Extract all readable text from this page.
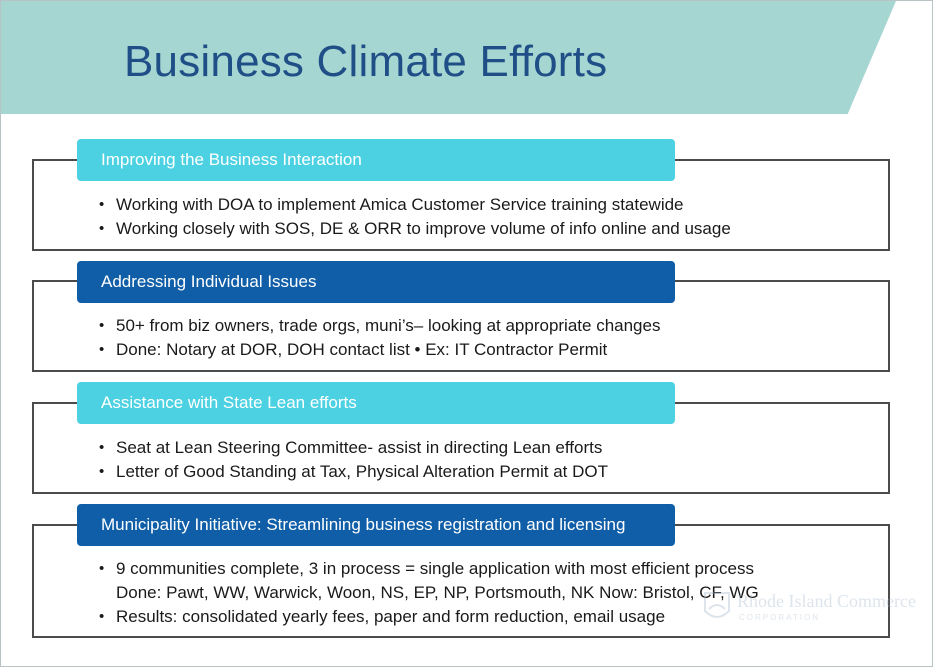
Business Climate Efforts
Improving the Business Interaction
• Working with DOA to implement Amica Customer Service training statewide
• Working closely with SOS, DE & ORR to improve volume of info online and usage
Addressing Individual Issues
• 50+ from biz owners, trade orgs, muni’s– looking at appropriate changes
• Done: Notary at DOR, DOH contact list • Ex: IT Contractor Permit
Assistance with State Lean efforts
• Seat at Lean Steering Committee- assist in directing Lean efforts
• Letter of Good Standing at Tax, Physical Alteration Permit at DOT
Municipality Initiative: Streamlining business registration and licensing
• 9 communities complete, 3 in process = single application with most efficient process
Done: Pawt, WW, Warwick, Woon, NS, EP, NP, Portsmouth, NK Now: Bristol, CF, WG
• Results: consolidated yearly fees, paper and form reduction, email usage
Rhode Island Commerce
CORPORATION
